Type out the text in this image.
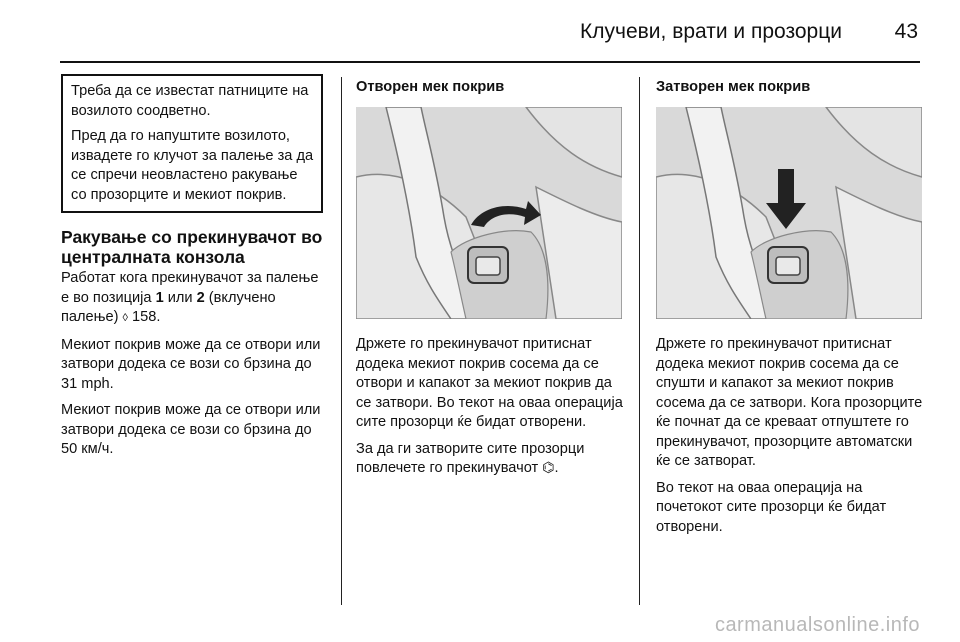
Клучеви, врати и прозорци	43

Треба да се известат патниците на возилото соодветно.

Пред да го напуштите возилото, извадете го клучот за палење за да се спречи неовластено ракување со прозорците и мекиот покрив.

Ракување со прекинувачот во централната конзола

Работат кога прекинувачот за палење е во позиција 1 или 2 (вклучено палење) ◊ 158.

Мекиот покрив може да се отвори или затвори додека се вози со брзина до 31 mph.

Мекиот покрив може да се отвори или затвори додека се вози со брзина до 50 км/ч.

Отворен мек покрив

Држете го прекинувачот притиснат додека мекиот покрив сосема да се отвори и капакот за мекиот покрив да се затвори. Во текот на оваа операција сите прозорци ќе бидат отворени.

За да ги затворите сите прозорци повлечете го прекинувачот ⌬.

Затворен мек покрив

Држете го прекинувачот притиснат додека мекиот покрив сосема да се спушти и капакот за мекиот покрив сосема да се затвори. Кога прозорците ќе почнат да се креваат отпуштете го прекинувачот, прозорците автоматски ќе се затворат.

Во текот на оваа операција на почетокот сите прозорци ќе бидат отворени.

carmanualsonline.info
